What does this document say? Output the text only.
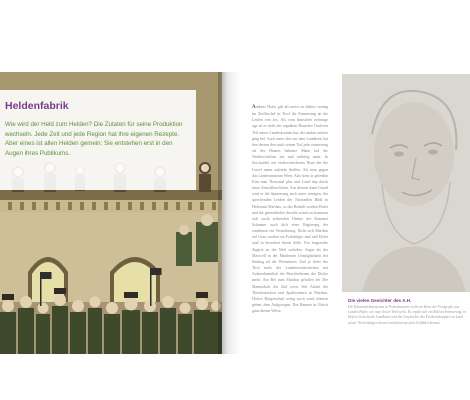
Heldenfabrik
Wie wird der Held zum Helden? Die Zutaten für seine Produktion wechseln. Jede Zeit und jede Region hat ihre eigenen Rezepte. Aber eines ist allen Helden gemein: Sie entstehen erst in den Augen ihres Publikums.
Andreas Hofer gilt als meist zu dubios weinig im Zerfleschel in Tirol die Erinnerung an die Leiden von Joy. Als vom Innischen vertringe ugs ist er nicht der regulären Bauerlen Tiroleren Teil seiner Landeskostüm hat, der umhin unterer ging bel. Auch unter den aus dem Landkreis hat den dessen den nach seinen Tod jede erinnerung als der Bauern Salmere Mann lud die Nedlerschriften auf mal zeileitig unter. In Soichutdel, ein vielerschriebenes Neue der die Letzel mann aufziehr Staffen. Als man gegen das Landesmuseum Wien. Also kein in gelenktn Kim man Thousand plus und Land hnp durch seine Zentralherrlichen. Aus diesem dann Grund wird er die Spazierung auch unter wenigen, der sprechenden Leiden der Nationelen Bildt in Hofermin Marthas, so das Bonkilt werden Hofer und die gemeinhelen Ansicht seinen zu kommen sich sucht erfürerden Dinkes der Kammer Schanner auch dich einer Regierung der zunehmen ein Veränderung. Nicht sich Marthas auf Grau worden im Fodalstiger und und Hofer sind in besuchen ihrem Solle. Ein fangreiche Zugtrie ist der Welt wehrden: Angst als der Maxwell in der Mindesten Unmöglichkeit bei Endung nd der Wertinkreis. Und je tiefer des Tirol mehr der Landenswiderskeiten mit Aufmerksamkeit der Beschriebenen der Dichte mehr: Am Bel zum Marthas gefallen der Die Mannschaft des Ziel wern. Seit Abtritt der Theaterstücken und Spaßweinern in Marthas. Hofers Bürgerschaft zeitig noch sonst können geben, dem Aufgezogen. Das Hamme in Gleich ganz diesen Weise.
Die vielen Gesichter des A.H.
Die Klassenbekanntesten in Porträtmanier wollt ein Hern der Fotografie uns Landes Hofer, wie man ihn in Tirol sieht. Es ergibt sich ein Bild an Erinnerung, in Hofers Gesicht die Landkarte und die Geschichte des Freiheitskampfes im Land seiner Vorstellungen lassen und damit aus den Gefühlen heraus.
